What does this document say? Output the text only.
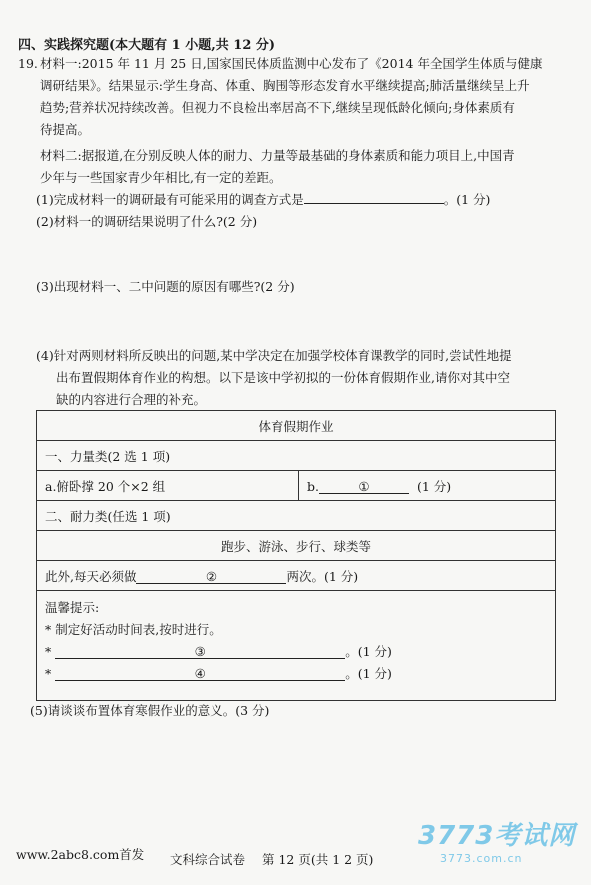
四、实践探究题(本大题有 1 小题,共 12 分)
19. 材料一:2015 年 11 月 25 日,国家国民体质监测中心发布了《2014 年全国学生体质与健康
调研结果》。结果显示:学生身高、体重、胸围等形态发育水平继续提高;肺活量继续呈上升
趋势;营养状况持续改善。但视力不良检出率居高不下,继续呈现低龄化倾向;身体素质有
待提高。
材料二:据报道,在分别反映人体的耐力、力量等最基础的身体素质和能力项目上,中国青
少年与一些国家青少年相比,有一定的差距。
(1)完成材料一的调研最有可能采用的调查方式是	。(1 分)
(2)材料一的调研结果说明了什么?(2 分)
(3)出现材料一、二中问题的原因有哪些?(2 分)
(4)针对两则材料所反映出的问题,某中学决定在加强学校体育课教学的同时,尝试性地提
出布置假期体育作业的构想。以下是该中学初拟的一份体育假期作业,请你对其中空
缺的内容进行合理的补充。
体育假期作业
一、力量类(2 选 1 项)
a.俯卧撑 20 个×2 组	b.	①	(1 分)
二、耐力类(任选 1 项)
跑步、游泳、步行、球类等
此外,每天必须做	②	两次。(1 分)

温馨提示:
* 制定好活动时间表,按时进行。
*	③	。(1 分)
*	④	。(1 分)
(5)请谈谈布置体育寒假作业的意义。(3 分)
www.2abc8.com首发 文科综合试卷 第 12 页(共 1 2 页)
3773考试网
3773.com.cn
